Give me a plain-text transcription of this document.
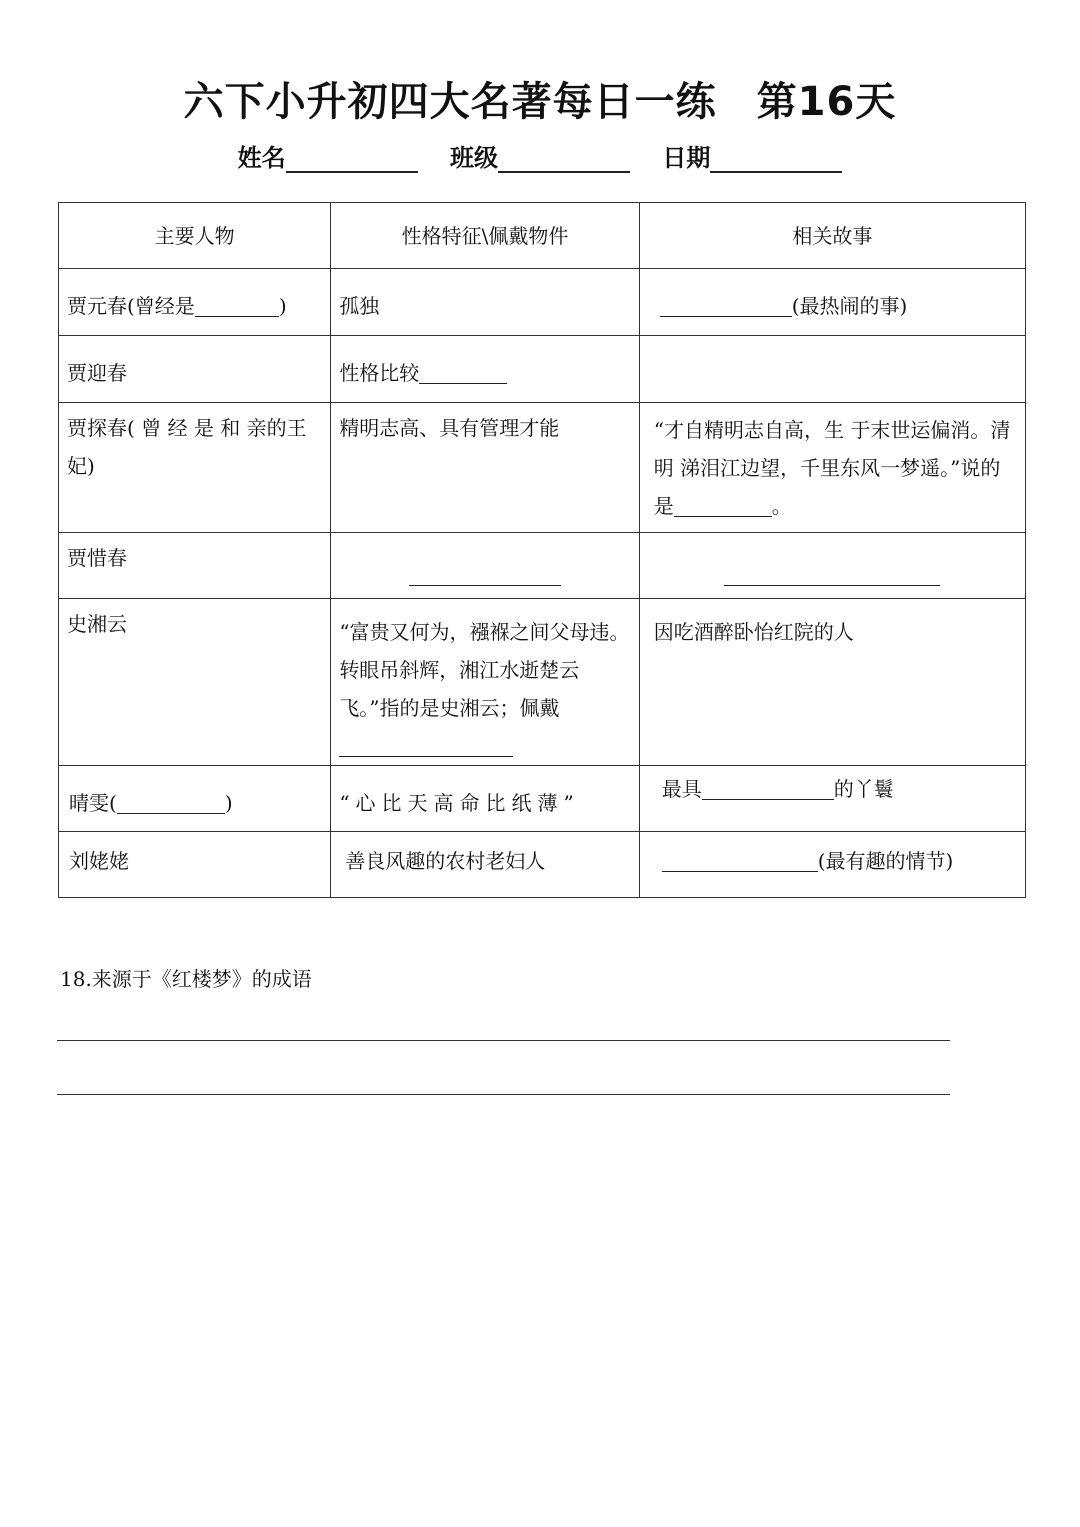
六下小升初四大名著每日一练 第16天
姓名	班级	日期
主要人物	性格特征\佩戴物件	相关故事
贾元春(曾经是 )	孤独	(最热闹的事)
贾迎春	性格比较	
贾探春( 曾 经 是 和 亲的王妃)	精明志高、具有管理才能	“才自精明志自高，生 于末世运偏消。清明 涕泪江边望，千里东风一梦遥。”说的是 。
贾惜春		
史湘云	“富贵又何为，襁褓之间父母违。转眼吊斜辉，湘江水逝楚云飞。”指的是史湘云；佩戴	因吃酒醉卧怡红院的人
晴雯( )	“心比天高命比纸薄”	最具 的丫鬟
刘姥姥	善良风趣的农村老妇人	(最有趣的情节)
18.来源于《红楼梦》的成语
